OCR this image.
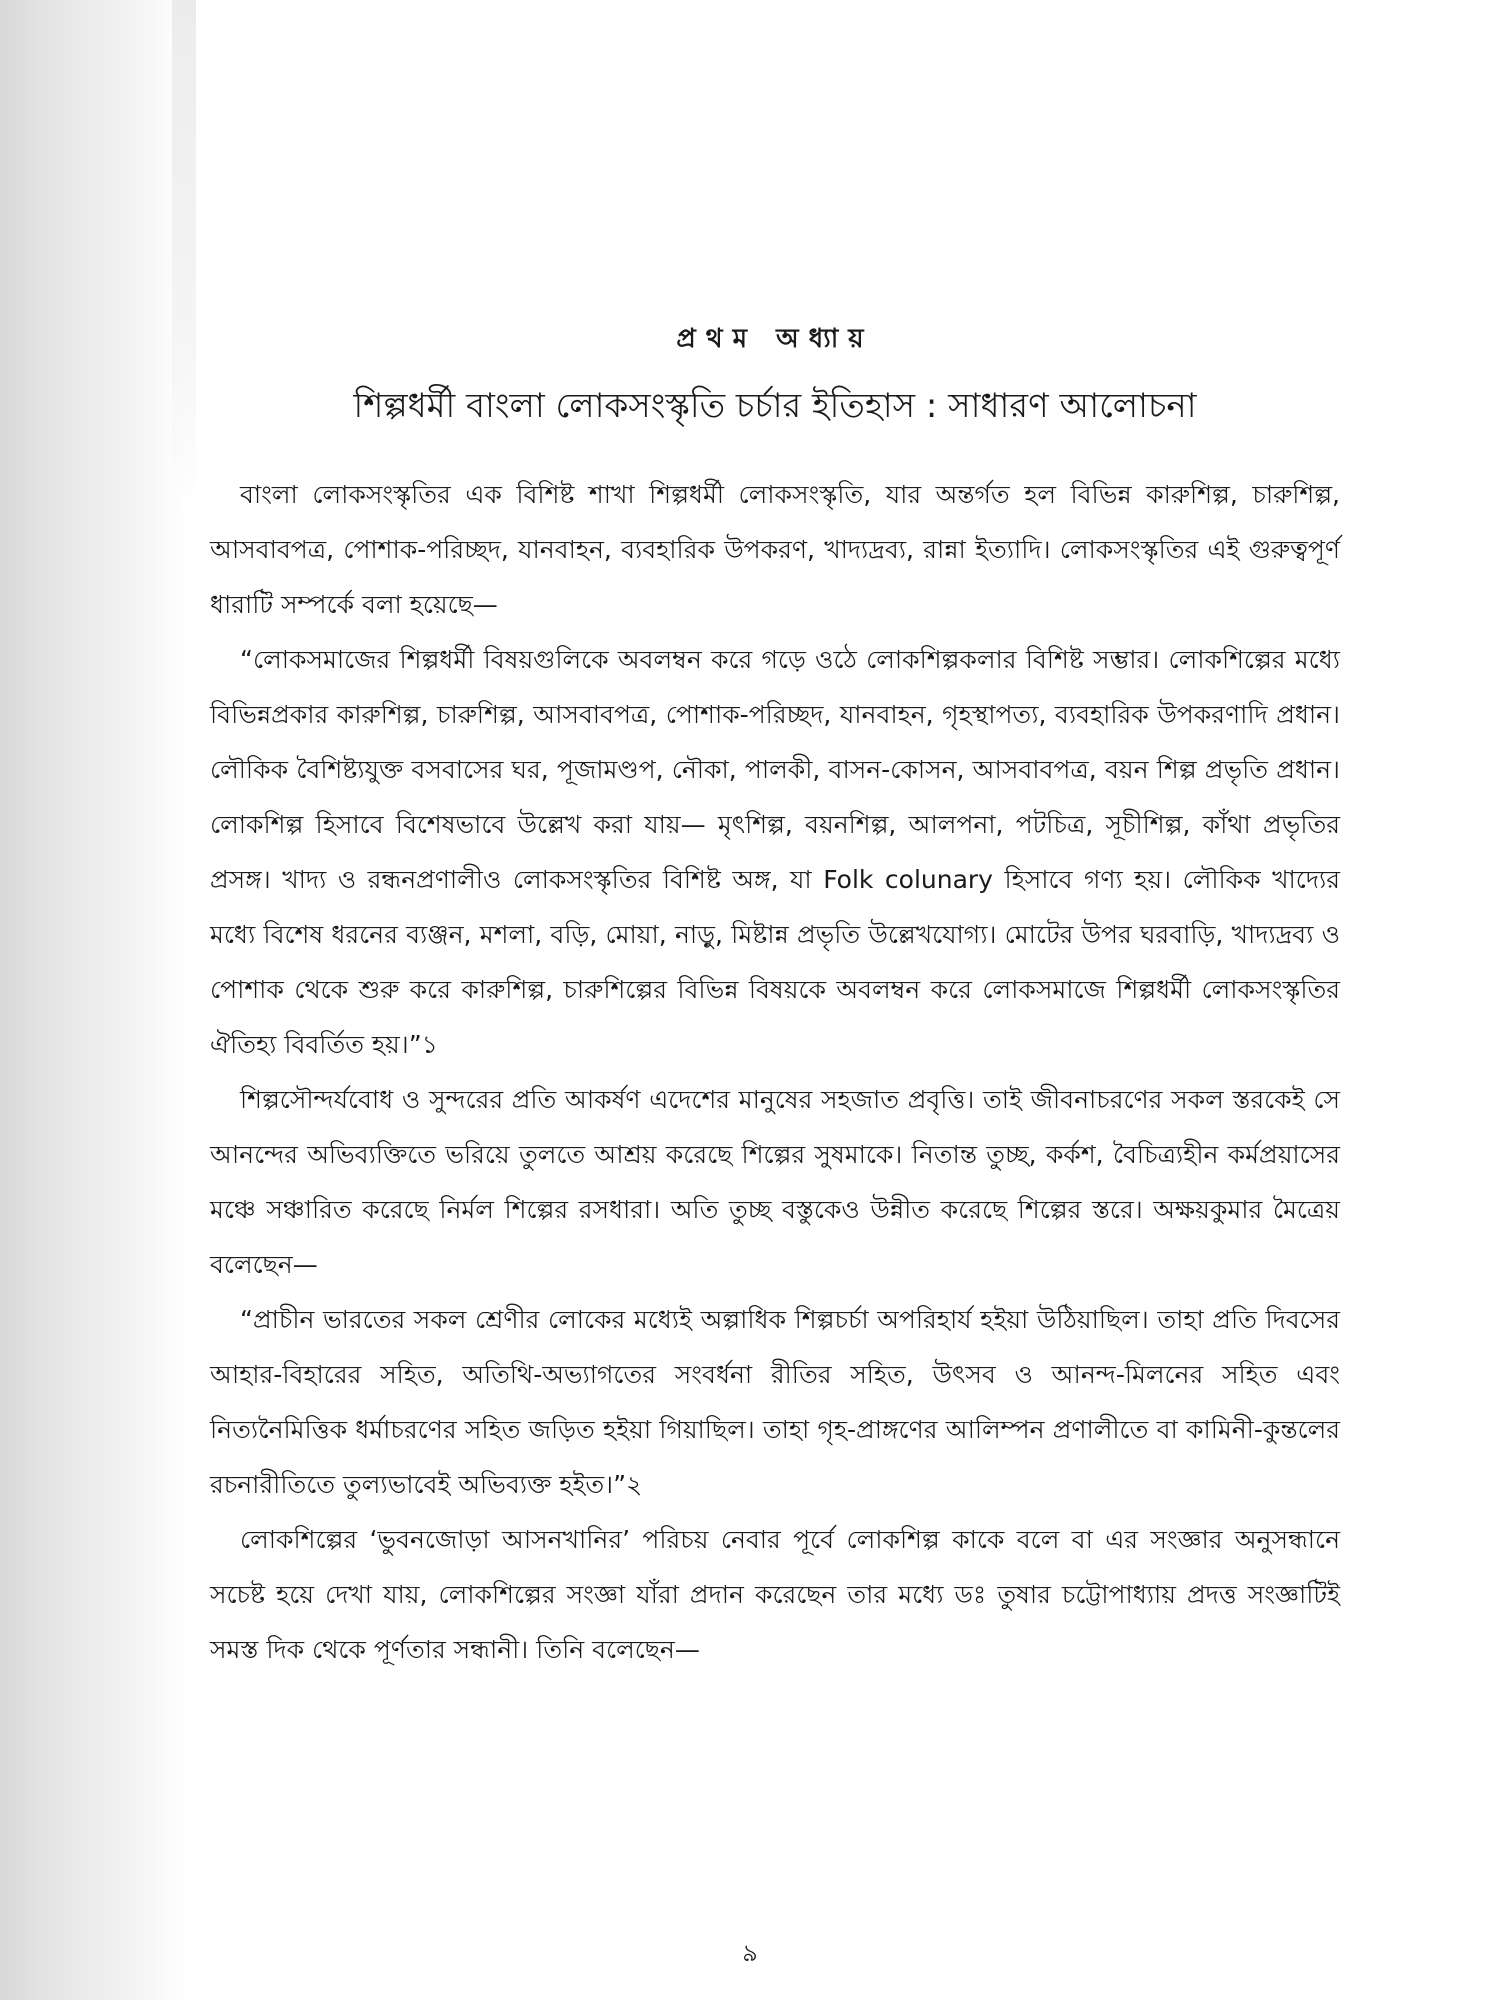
প্রথম অধ্যায়
শিল্পধর্মী বাংলা লোকসংস্কৃতি চর্চার ইতিহাস : সাধারণ আলোচনা

বাংলা লোকসংস্কৃতির এক বিশিষ্ট শাখা শিল্পধর্মী লোকসংস্কৃতি, যার অন্তর্গত হল বিভিন্ন কারুশিল্প, চারুশিল্প, আসবাবপত্র, পোশাক-পরিচ্ছদ, যানবাহন, ব্যবহারিক উপকরণ, খাদ্যদ্রব্য, রান্না ইত্যাদি। লোকসংস্কৃতির এই গুরুত্বপূর্ণ ধারাটি সম্পর্কে বলা হয়েছে—

“লোকসমাজের শিল্পধর্মী বিষয়গুলিকে অবলম্বন করে গড়ে ওঠে লোকশিল্পকলার বিশিষ্ট সম্ভার। লোকশিল্পের মধ্যে বিভিন্নপ্রকার কারুশিল্প, চারুশিল্প, আসবাবপত্র, পোশাক-পরিচ্ছদ, যানবাহন, গৃহস্থাপত্য, ব্যবহারিক উপকরণাদি প্রধান। লৌকিক বৈশিষ্ট্যযুক্ত বসবাসের ঘর, পূজামণ্ডপ, নৌকা, পালকী, বাসন-কোসন, আসবাবপত্র, বয়ন শিল্প প্রভৃতি প্রধান। লোকশিল্প হিসাবে বিশেষভাবে উল্লেখ করা যায়— মৃৎশিল্প, বয়নশিল্প, আলপনা, পটচিত্র, সূচীশিল্প, কাঁথা প্রভৃতির প্রসঙ্গ। খাদ্য ও রন্ধনপ্রণালীও লোকসংস্কৃতির বিশিষ্ট অঙ্গ, যা Folk colunary হিসাবে গণ্য হয়। লৌকিক খাদ্যের মধ্যে বিশেষ ধরনের ব্যঞ্জন, মশলা, বড়ি, মোয়া, নাড়ু, মিষ্টান্ন প্রভৃতি উল্লেখযোগ্য। মোটের উপর ঘরবাড়ি, খাদ্যদ্রব্য ও পোশাক থেকে শুরু করে কারুশিল্প, চারুশিল্পের বিভিন্ন বিষয়কে অবলম্বন করে লোকসমাজে শিল্পধর্মী লোকসংস্কৃতির ঐতিহ্য বিবর্তিত হয়।”১

শিল্পসৌন্দর্যবোধ ও সুন্দরের প্রতি আকর্ষণ এদেশের মানুষের সহজাত প্রবৃত্তি। তাই জীবনাচরণের সকল স্তরকেই সে আনন্দের অভিব্যক্তিতে ভরিয়ে তুলতে আশ্রয় করেছে শিল্পের সুষমাকে। নিতান্ত তুচ্ছ, কর্কশ, বৈচিত্র্যহীন কর্মপ্রয়াসের মঞ্চে সঞ্চারিত করেছে নির্মল শিল্পের রসধারা। অতি তুচ্ছ বস্তুকেও উন্নীত করেছে শিল্পের স্তরে। অক্ষয়কুমার মৈত্রেয় বলেছেন—

“প্রাচীন ভারতের সকল শ্রেণীর লোকের মধ্যেই অল্পাধিক শিল্পচর্চা অপরিহার্য হইয়া উঠিয়াছিল। তাহা প্রতি দিবসের আহার-বিহারের সহিত, অতিথি-অভ্যাগতের সংবর্ধনা রীতির সহিত, উৎসব ও আনন্দ-মিলনের সহিত এবং নিত্যনৈমিত্তিক ধর্মাচরণের সহিত জড়িত হইয়া গিয়াছিল। তাহা গৃহ-প্রাঙ্গণের আলিম্পন প্রণালীতে বা কামিনী-কুন্তলের রচনারীতিতে তুল্যভাবেই অভিব্যক্ত হইত।”২

লোকশিল্পের ‘ভুবনজোড়া আসনখানির’ পরিচয় নেবার পূর্বে লোকশিল্প কাকে বলে বা এর সংজ্ঞার অনুসন্ধানে সচেষ্ট হয়ে দেখা যায়, লোকশিল্পের সংজ্ঞা যাঁরা প্রদান করেছেন তার মধ্যে ডঃ তুষার চট্টোপাধ্যায় প্রদত্ত সংজ্ঞাটিই সমস্ত দিক থেকে পূর্ণতার সন্ধানী। তিনি বলেছেন—

৯
